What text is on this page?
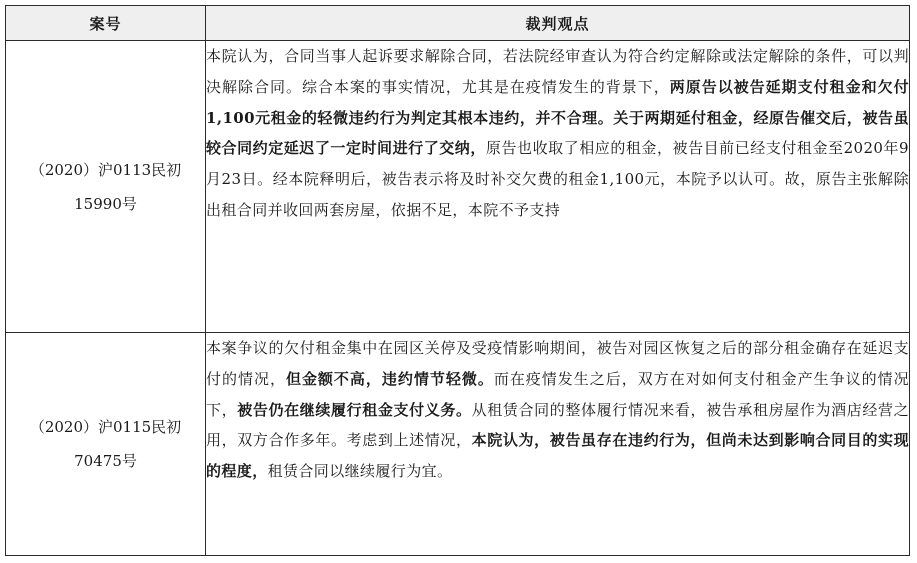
案号	裁判观点

（2020）沪0113民初
15990号	本院认为，合同当事人起诉要求解除合同，若法院经审查认为符合约定解除或法定解除的条件，可以判决解除合同。综合本案的事实情况，尤其是在疫情发生的背景下，两原告以被告延期支付租金和欠付1,100元租金的轻微违约行为判定其根本违约，并不合理。关于两期延付租金，经原告催交后，被告虽较合同约定延迟了一定时间进行了交纳，原告也收取了相应的租金，被告目前已经支付租金至2020年9月23日。经本院释明后，被告表示将及时补交欠费的租金1,100元，本院予以认可。故，原告主张解除出租合同并收回两套房屋，依据不足，本院不予支持

（2020）沪0115民初
70475号	本案争议的欠付租金集中在园区关停及受疫情影响期间，被告对园区恢复之后的部分租金确存在延迟支付的情况，但金额不高，违约情节轻微。而在疫情发生之后，双方在对如何支付租金产生争议的情况下，被告仍在继续履行租金支付义务。从租赁合同的整体履行情况来看，被告承租房屋作为酒店经营之用，双方合作多年。考虑到上述情况，本院认为，被告虽存在违约行为，但尚未达到影响合同目的实现的程度，租赁合同以继续履行为宜。
